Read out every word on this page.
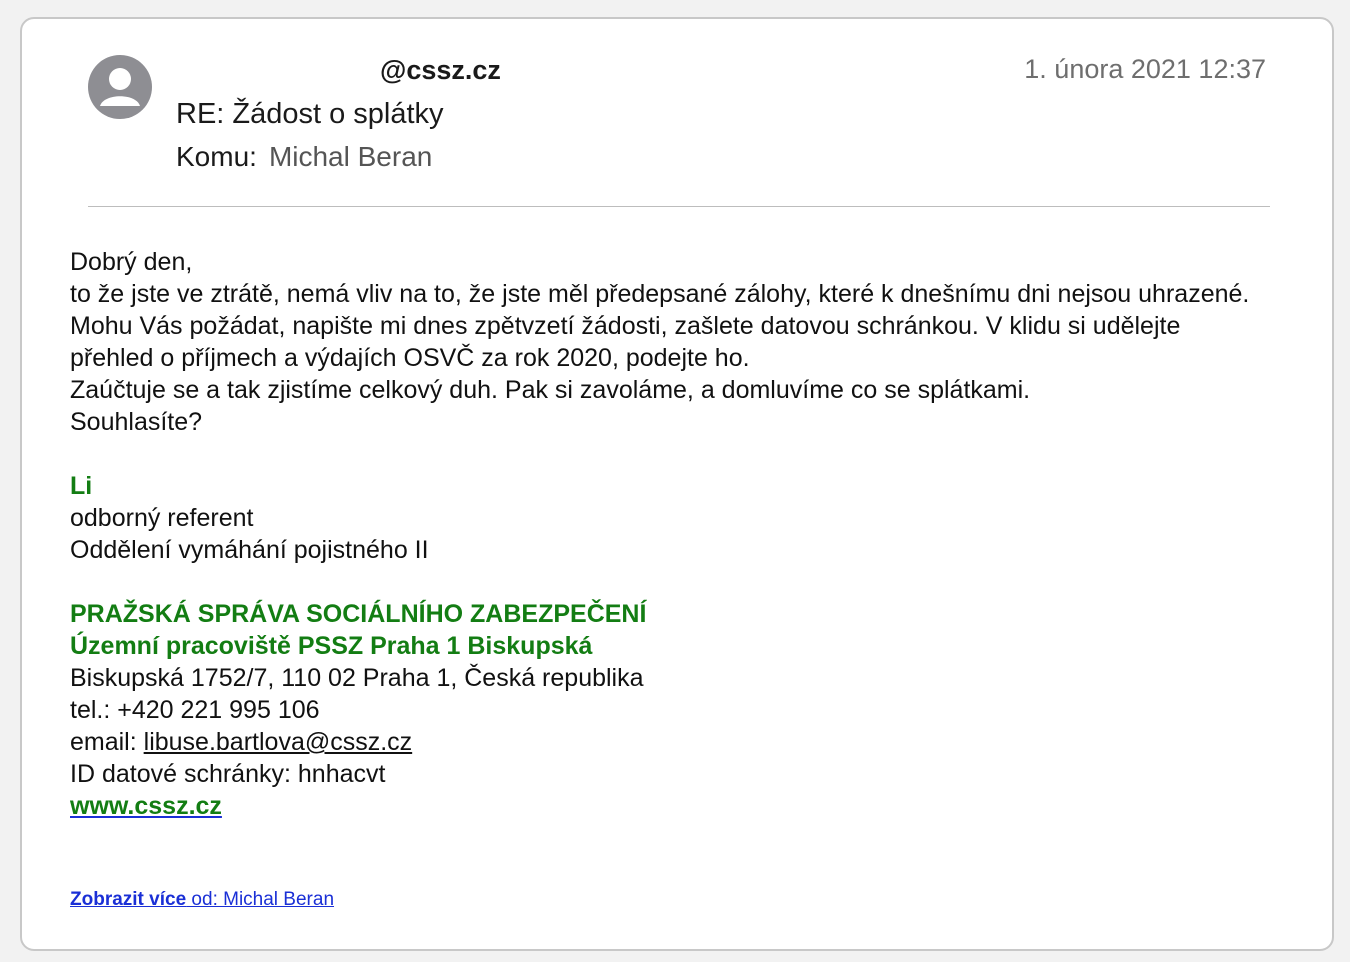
@cssz.cz	1. února 2021 12:37
RE: Žádost o splátky
Komu: Michal Beran

Dobrý den,

to že jste ve ztrátě, nemá vliv na to, že jste měl předepsané zálohy, které k dnešnímu dni nejsou uhrazené.

Mohu Vás požádat, napište mi dnes zpětvzetí žádosti, zašlete datovou schránkou. V klidu si udělejte přehled o příjmech a výdajích OSVČ za rok 2020, podejte ho.

Zaúčtuje se a tak zjistíme celkový duh. Pak si zavoláme, a domluvíme co se splátkami.

Souhlasíte?

Li

odborný referent

Oddělení vymáhání pojistného II

PRAŽSKÁ SPRÁVA SOCIÁLNÍHO ZABEZPEČENÍ

Územní pracoviště PSSZ Praha 1 Biskupská

Biskupská 1752/7, 110 02 Praha 1, Česká republika

tel.: +420 221 995 106

email: libuse.bartlova@cssz.cz

ID datové schránky: hnhacvt

www.cssz.cz

Zobrazit více od: Michal Beran
